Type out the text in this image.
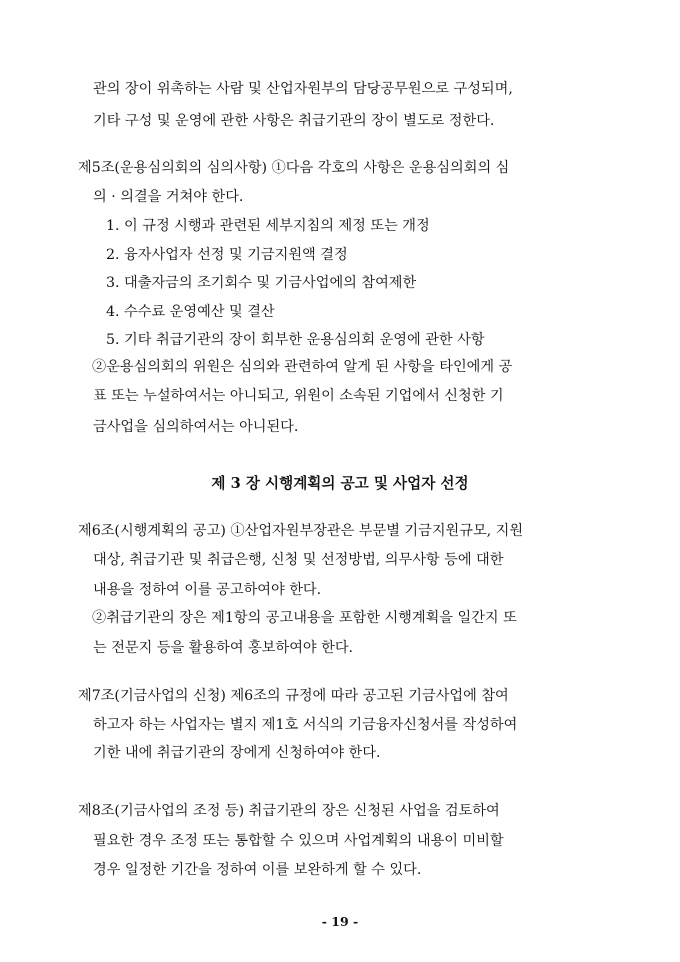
관의 장이 위촉하는 사람 및 산업자원부의 담당공무원으로 구성되며,
기타 구성 및 운영에 관한 사항은 취급기관의 장이 별도로 정한다.
제5조(운용심의회의 심의사항) ①다음 각호의 사항은 운용심의회의 심
의 · 의결을 거쳐야 한다.
1. 이 규정 시행과 관련된 세부지침의 제정 또는 개정
2. 융자사업자 선정 및 기금지원액 결정
3. 대출자금의 조기회수 및 기금사업에의 참여제한
4. 수수료 운영예산 및 결산
5. 기타 취급기관의 장이 회부한 운용심의회 운영에 관한 사항
②운용심의회의 위원은 심의와 관련하여 알게 된 사항을 타인에게 공
표 또는 누설하여서는 아니되고, 위원이 소속된 기업에서 신청한 기
금사업을 심의하여서는 아니된다.
제 3 장 시행계획의 공고 및 사업자 선정
제6조(시행계획의 공고) ①산업자원부장관은 부문별 기금지원규모, 지원
대상, 취급기관 및 취급은행, 신청 및 선정방법, 의무사항 등에 대한
내용을 정하여 이를 공고하여야 한다.
②취급기관의 장은 제1항의 공고내용을 포함한 시행계획을 일간지 또
는 전문지 등을 활용하여 홍보하여야 한다.
제7조(기금사업의 신청) 제6조의 규정에 따라 공고된 기금사업에 참여
하고자 하는 사업자는 별지 제1호 서식의 기금융자신청서를 작성하여
기한 내에 취급기관의 장에게 신청하여야 한다.
제8조(기금사업의 조정 등) 취급기관의 장은 신청된 사업을 검토하여
필요한 경우 조정 또는 통합할 수 있으며 사업계획의 내용이 미비할
경우 일정한 기간을 정하여 이를 보완하게 할 수 있다.
- 19 -
